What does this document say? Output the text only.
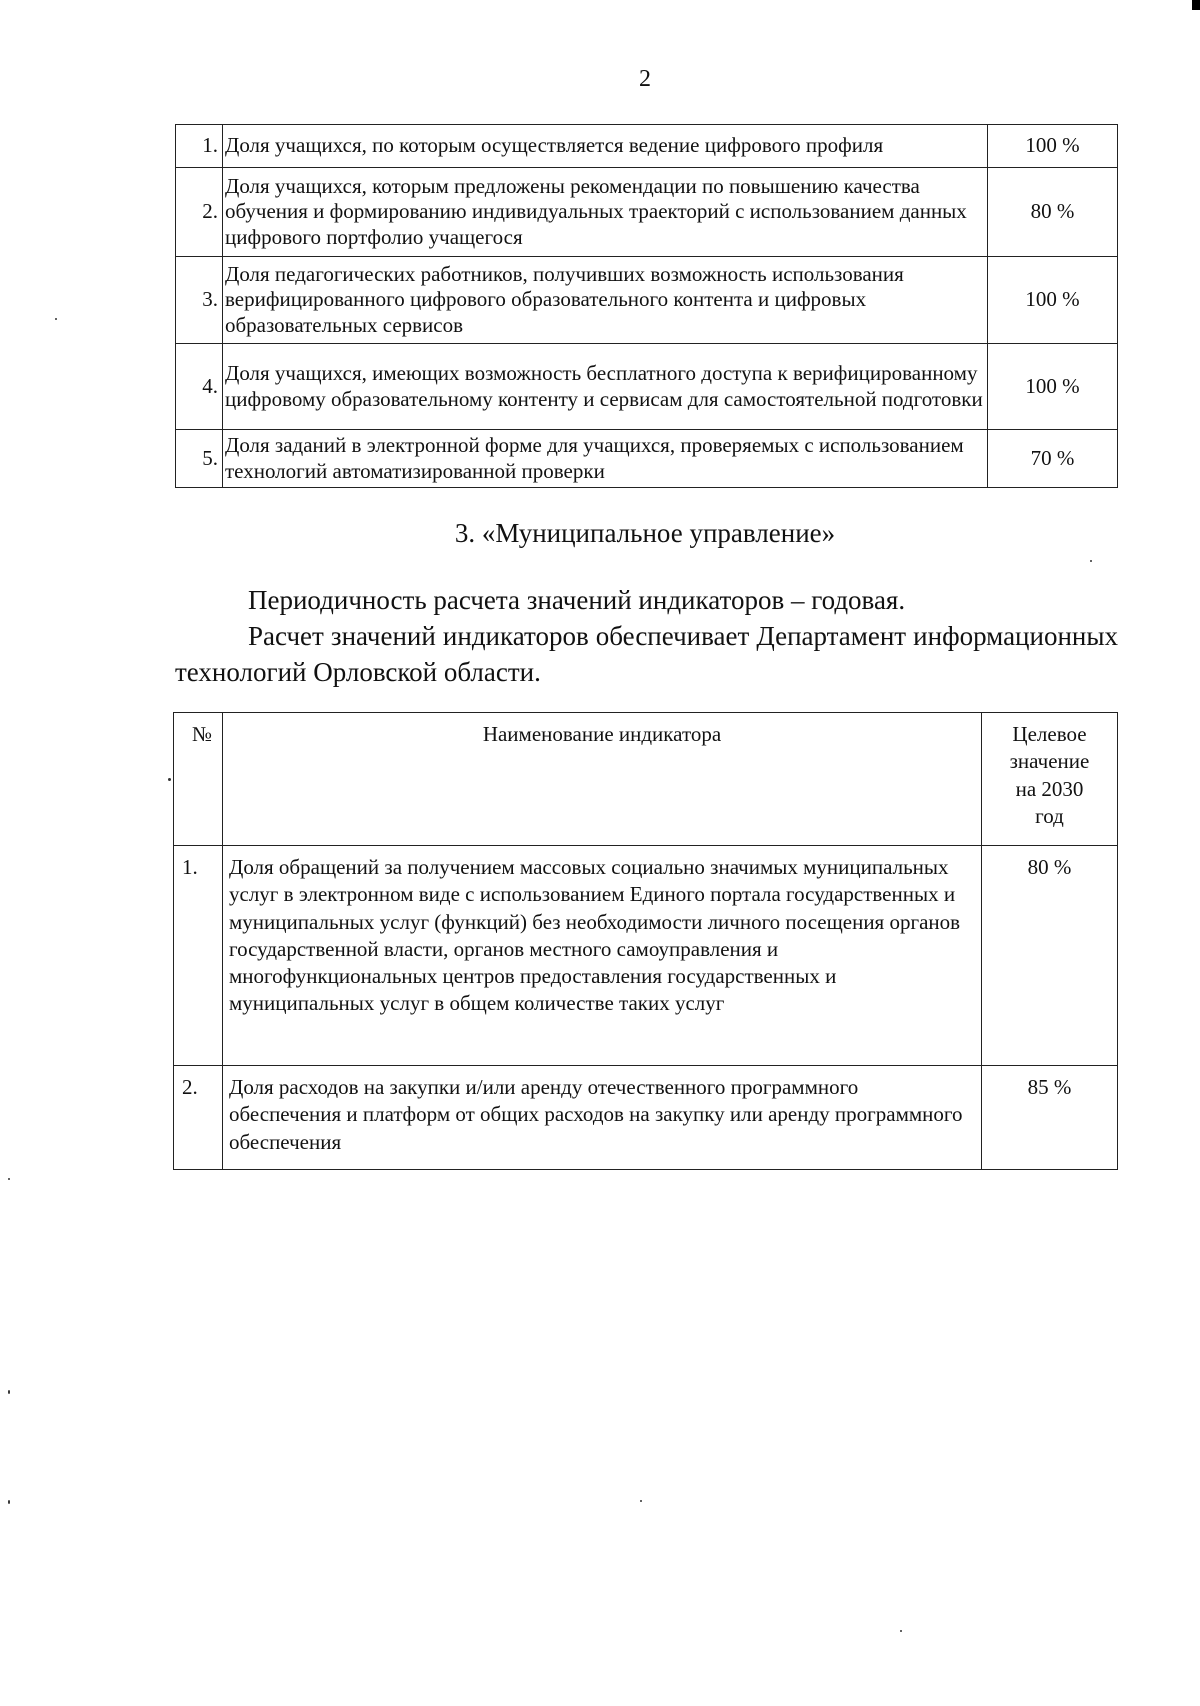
2
1.	Доля учащихся, по которым осуществляется ведение цифрового профиля	100 %
2.	Доля учащихся, которым предложены рекомендации по повышению качества обучения и формированию индивидуальных траекторий с использованием данных цифрового портфолио учащегося	80 %
3.	Доля педагогических работников, получивших возможность использования верифицированного цифрового образовательного контента и цифровых образовательных сервисов	100 %
4.	Доля учащихся, имеющих возможность бесплатного доступа к верифицированному цифровому образовательному контенту и сервисам для самостоятельной подготовки	100 %
5.	Доля заданий в электронной форме для учащихся, проверяемых с использованием технологий автоматизированной проверки	70 %
3. «Муниципальное управление»
Периодичность расчета значений индикаторов – годовая.
Расчет значений индикаторов обеспечивает Департамент информационных технологий Орловской области.
№	Наименование индикатора	Целевое
значение
на 2030
год

1.	Доля обращений за получением массовых социально значимых муниципальных услуг в электронном виде с использованием Единого портала государственных и муниципальных услуг (функций) без необходимости личного посещения органов государственной власти, органов местного самоуправления и многофункциональных центров предоставления государственных и муниципальных услуг в общем количестве таких услуг	80 %
2.	Доля расходов на закупки и/или аренду отечественного программного обеспечения и платформ от общих расходов на закупку или аренду программного обеспечения	85 %
